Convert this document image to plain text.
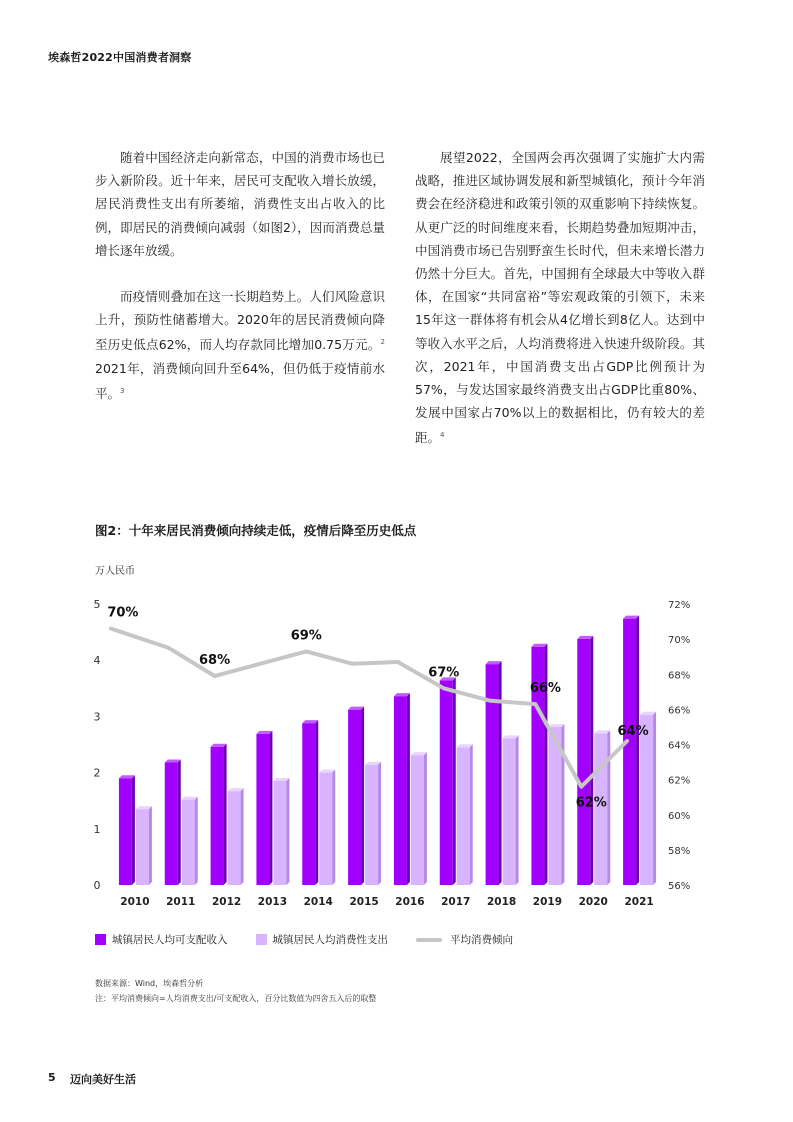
埃森哲2022中国消费者洞察

随着中国经济走向新常态，中国的消费市场也已步入新阶段。近十年来，居民可支配收入增长放缓，居民消费性支出有所萎缩，消费性支出占收入的比例，即居民的消费倾向减弱（如图2），因而消费总量增长逐年放缓。

而疫情则叠加在这一长期趋势上。人们风险意识上升，预防性储蓄增大。2020年的居民消费倾向降至历史低点62%，而人均存款同比增加0.75万元。$^2$ 2021年，消费倾向回升至64%，但仍低于疫情前水平。$^3$

展望2022，全国两会再次强调了实施扩大内需战略，推进区域协调发展和新型城镇化，预计今年消费会在经济稳进和政策引领的双重影响下持续恢复。从更广泛的时间维度来看，长期趋势叠加短期冲击，中国消费市场已告别野蛮生长时代，但未来增长潜力仍然十分巨大。首先，中国拥有全球最大中等收入群体，在国家“共同富裕”等宏观政策的引领下，未来15年这一群体将有机会从4亿增长到8亿人。达到中等收入水平之后，人均消费将进入快速升级阶段。其次，2021年，中国消费支出占GDP比例预计为57%，与发达国家最终消费支出占GDP比重80%、发展中国家占70%以上的数据相比，仍有较大的差距。$^4$

图2：十年来居民消费倾向持续走低，疫情后降至历史低点
万人民币
0
1
2
3
4
5
56%
58%
60%
62%
64%
66%
68%
70%
72%
2010 2011 2012 2013 2014 2015 2016 2017 2018 2019 2020 2021
70%
68%
69%
67%
66%
62%
64%
城镇居民人均可支配收入	城镇居民人均消费性支出	平均消费倾向
数据来源：Wind，埃森哲分析
注：平均消费倾向=人均消费支出/可支配收入，百分比数值为四舍五入后的取整
5 迈向美好生活
